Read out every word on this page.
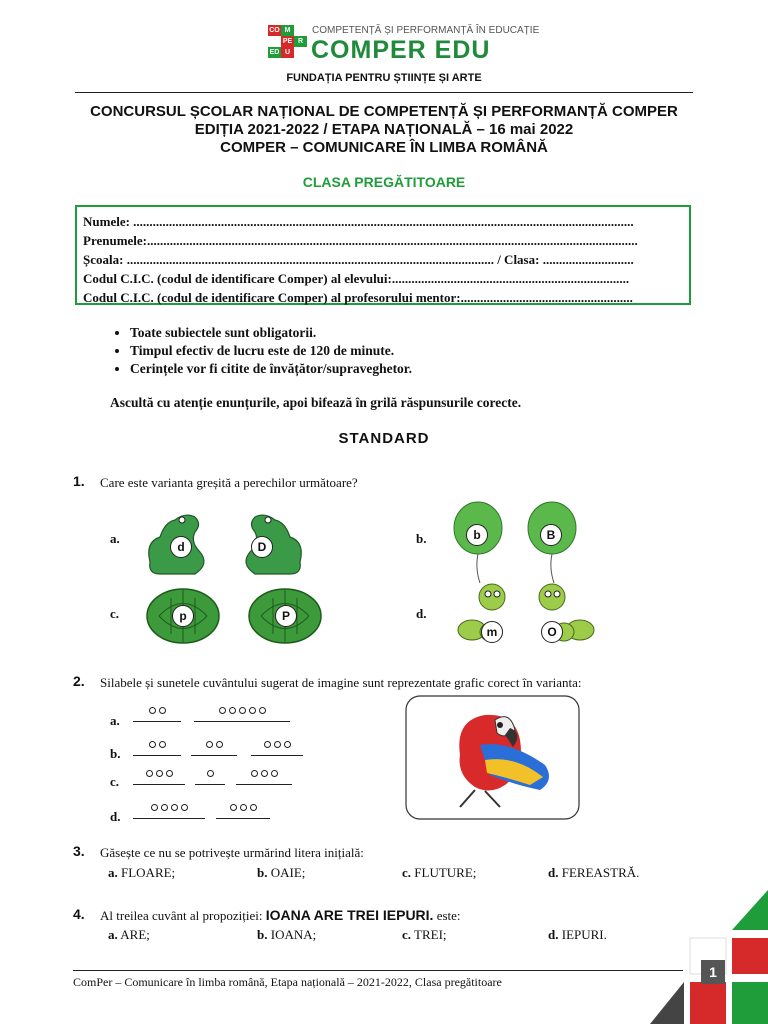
CO M
PE R
ED U
COMPETENȚĂ ȘI PERFORMANȚĂ ÎN EDUCAȚIE
COMPER EDU
FUNDAȚIA PENTRU ȘTIINȚE ȘI ARTE
CONCURSUL ȘCOLAR NAȚIONAL DE COMPETENȚĂ ȘI PERFORMANȚĂ COMPER
EDIȚIA 2021-2022 / ETAPA NAȚIONALĂ – 16 mai 2022
COMPER – COMUNICARE ÎN LIMBA ROMÂNĂ
CLASA PREGĂTITOARE
Numele: ..........................................................................................................................................................
Prenumele:.......................................................................................................................................................
Școala: ................................................................................................................. / Clasa: ............................
Codul C.I.C. (codul de identificare Comper) al elevului:.........................................................................
Codul C.I.C. (codul de identificare Comper) al profesorului mentor:.....................................................
• Toate subiectele sunt obligatorii.
• Timpul efectiv de lucru este de 120 de minute.
• Cerințele vor fi citite de învățător/supraveghetor.
Ascultă cu atenție enunțurile, apoi bifează în grilă răspunsurile corecte.
STANDARD
1. Care este varianta greșită a perechilor următoare?
a.
d	D
b.	b	B
c.	p	P	d.
m	O
2. Silabele și sunetele cuvântului sugerat de imagine sunt reprezentate grafic corect în varianta:
a.
b.
c.
d.
3. Găsește ce nu se potrivește urmărind litera inițială:
a. FLOARE;	b. OAIE;	c. FLUTURE;	d. FEREASTRĂ.
4. Al treilea cuvânt al propoziției: IOANA ARE TREI IEPURI. este:
a. ARE;	b. IOANA;	c. TREI;	d. IEPURI.
ComPer – Comunicare în limba română, Etapa națională – 2021-2022, Clasa pregătitoare
1
